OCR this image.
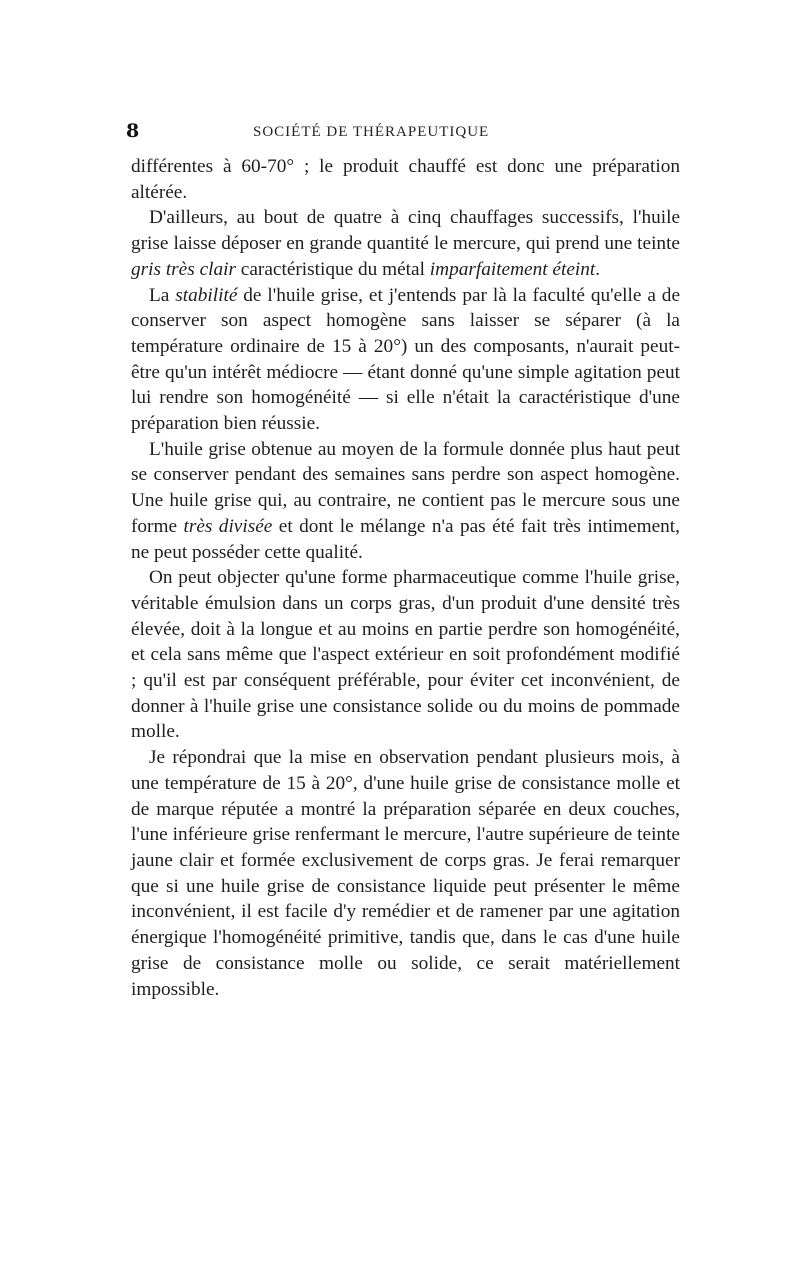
8	SOCIÉTÉ DE THÉRAPEUTIQUE

différentes à 60-70° ; le produit chauffé est donc une préparation altérée.

D'ailleurs, au bout de quatre à cinq chauffages successifs, l'huile grise laisse déposer en grande quantité le mercure, qui prend une teinte gris très clair caractéristique du métal imparfaitement éteint.

La stabilité de l'huile grise, et j'entends par là la faculté qu'elle a de conserver son aspect homogène sans laisser se séparer (à la température ordinaire de 15 à 20°) un des composants, n'aurait peut-être qu'un intérêt médiocre — étant donné qu'une simple agitation peut lui rendre son homogénéité — si elle n'était la caractéristique d'une préparation bien réussie.

L'huile grise obtenue au moyen de la formule donnée plus haut peut se conserver pendant des semaines sans perdre son aspect homogène. Une huile grise qui, au contraire, ne contient pas le mercure sous une forme très divisée et dont le mélange n'a pas été fait très intimement, ne peut posséder cette qualité.

On peut objecter qu'une forme pharmaceutique comme l'huile grise, véritable émulsion dans un corps gras, d'un produit d'une densité très élevée, doit à la longue et au moins en partie perdre son homogénéité, et cela sans même que l'aspect extérieur en soit profondément modifié ; qu'il est par conséquent préférable, pour éviter cet inconvénient, de donner à l'huile grise une consistance solide ou du moins de pommade molle.

Je répondrai que la mise en observation pendant plusieurs mois, à une température de 15 à 20°, d'une huile grise de consistance molle et de marque réputée a montré la préparation séparée en deux couches, l'une inférieure grise renfermant le mercure, l'autre supérieure de teinte jaune clair et formée exclusivement de corps gras. Je ferai remarquer que si une huile grise de consistance liquide peut présenter le même inconvénient, il est facile d'y remédier et de ramener par une agitation énergique l'homogénéité primitive, tandis que, dans le cas d'une huile grise de consistance molle ou solide, ce serait matériellement impossible.
